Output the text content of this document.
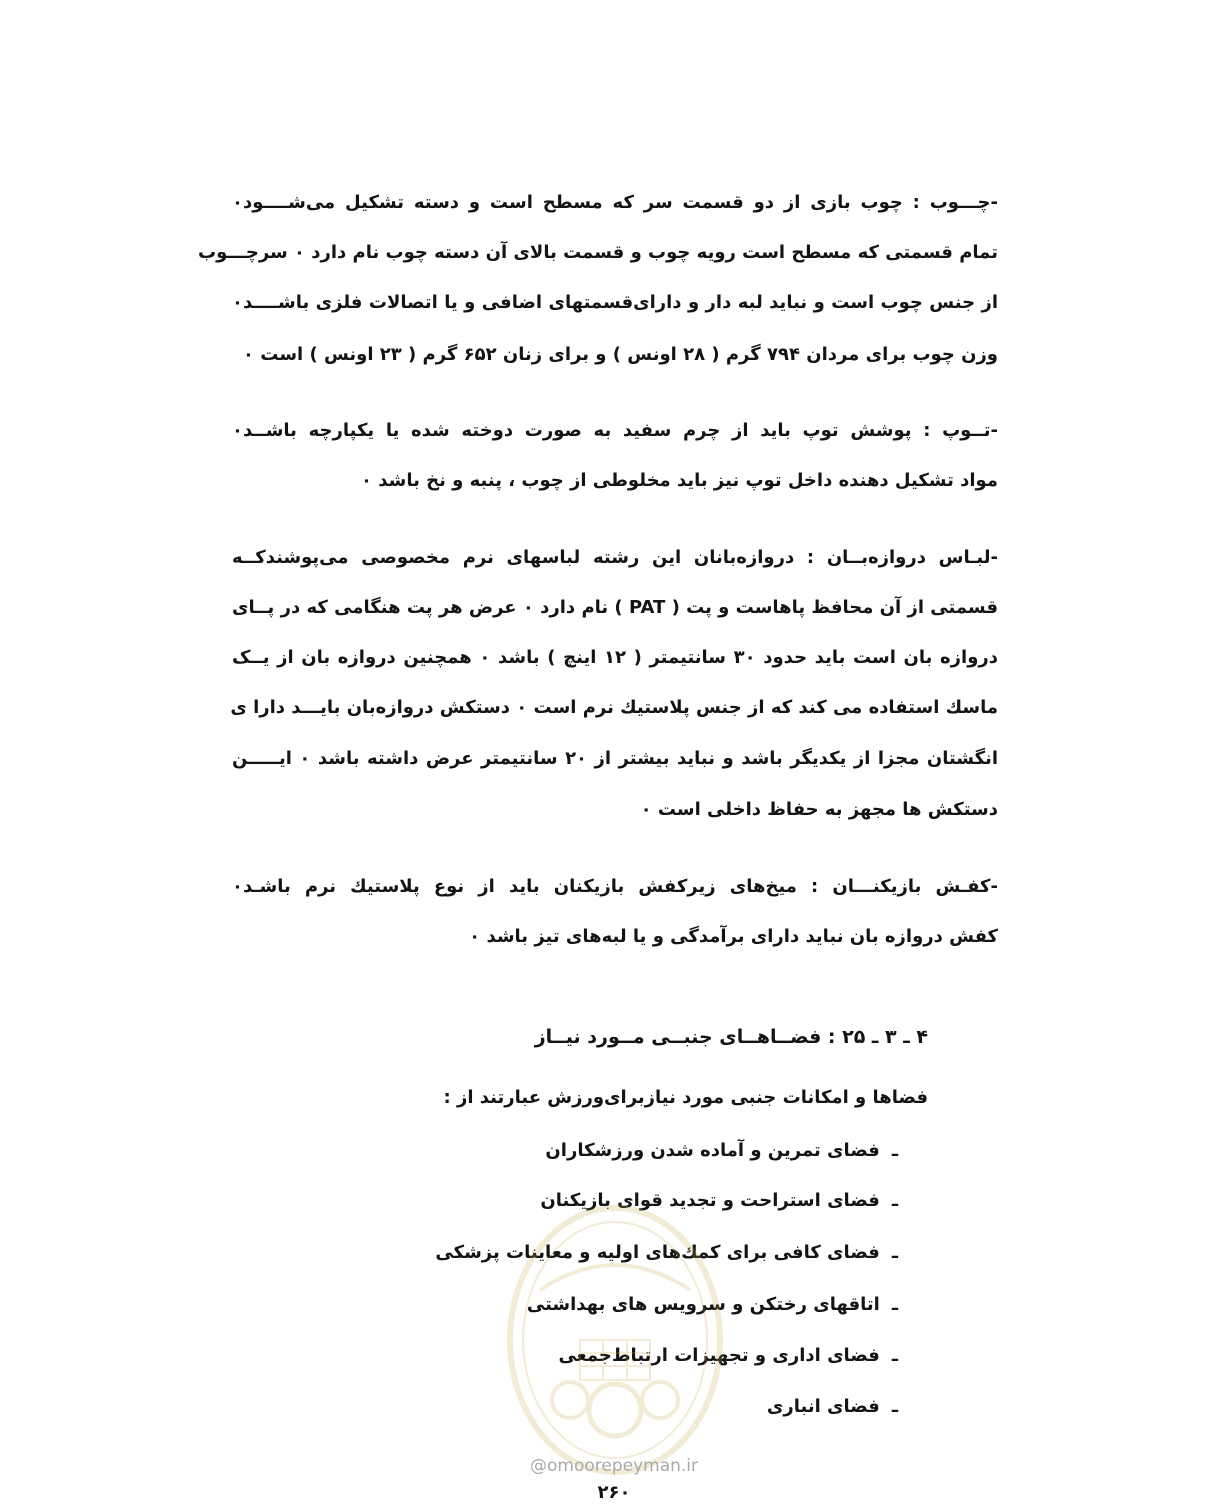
-چـــوب : چوب بازی از دو قسمت سر که مسطح است و دسته تشکیل می‌شــــود۰
تمام قسمتی که مسطح است رویه چوب و قسمت بالای آن دسته چوب نام دارد ۰ سرچـــوب
از جنس چوب است و نباید لبه دار و دارای‌قسمتهای اضافی و یا اتصالات فلزی باشــــد۰
وزن چوب برای مردان ۷۹۴ گرم ( ۲۸ اونس ) و برای زنان ۶۵۲ گرم ( ۲۳ اونس ) است ۰
-تــوپ : پوشش توپ باید از چرم سفید به صورت دوخته شده یا یکپارچه باشــد۰
مواد تشکیل دهنده داخل توپ نیز باید مخلوطی از چوب ، پنبه و نخ باشد ۰
-لبـاس دروازه‌بــان : دروازه‌بانان این رشته لباسهای نرم مخصوصی می‌پوشندکــه
قسمتی از آن محافظ پاهاست و پت ( PAT ) نام دارد ۰ عرض هر پت هنگامی که در پــای
دروازه بان است باید حدود ۳۰ سانتیمتر ( ۱۲ اینچ ) باشد ۰ همچنین دروازه بان از یــک
ماسك استفاده می کند که از جنس پلاستیك نرم است ۰ دستکش دروازه‌بان بایـــد دارا ی
انگشتان مجزا از یکدیگر باشد و نباید بیشتر از ۲۰ سانتیمتر عرض داشته باشد ۰ ایـــــن
دستکش ها مجهز به حفاظ داخلی است ۰
-کفـش بازیکنـــان : میخ‌های زیرکفش بازیکنان باید از نوع پلاستیك نرم باشـد۰
کفش دروازه بان نباید دارای برآمدگی و یا لبه‌های تیز باشد ۰
۴ ـ ۳ ـ ۲۵ : فضــاهــای جنبــی مــورد نیــاز
فضاها و امکانات جنبی مورد نیازبرای‌ورزش عبارتند از :
ـ
فضای تمرین و آماده شدن ورزشکاران
ـ
فضای استراحت و تجدید قوای بازیکنان
ـ
فضای کافی برای کمك‌های اولیه و معاینات پزشکی
ـ
اتاقهای رختکن و سرویس های بهداشتی
ـ
فضای اداری و تجهیزات ارتباط‌جمعی
ـ
فضای انباری
@omoorepeyman.ir
۲۶۰
